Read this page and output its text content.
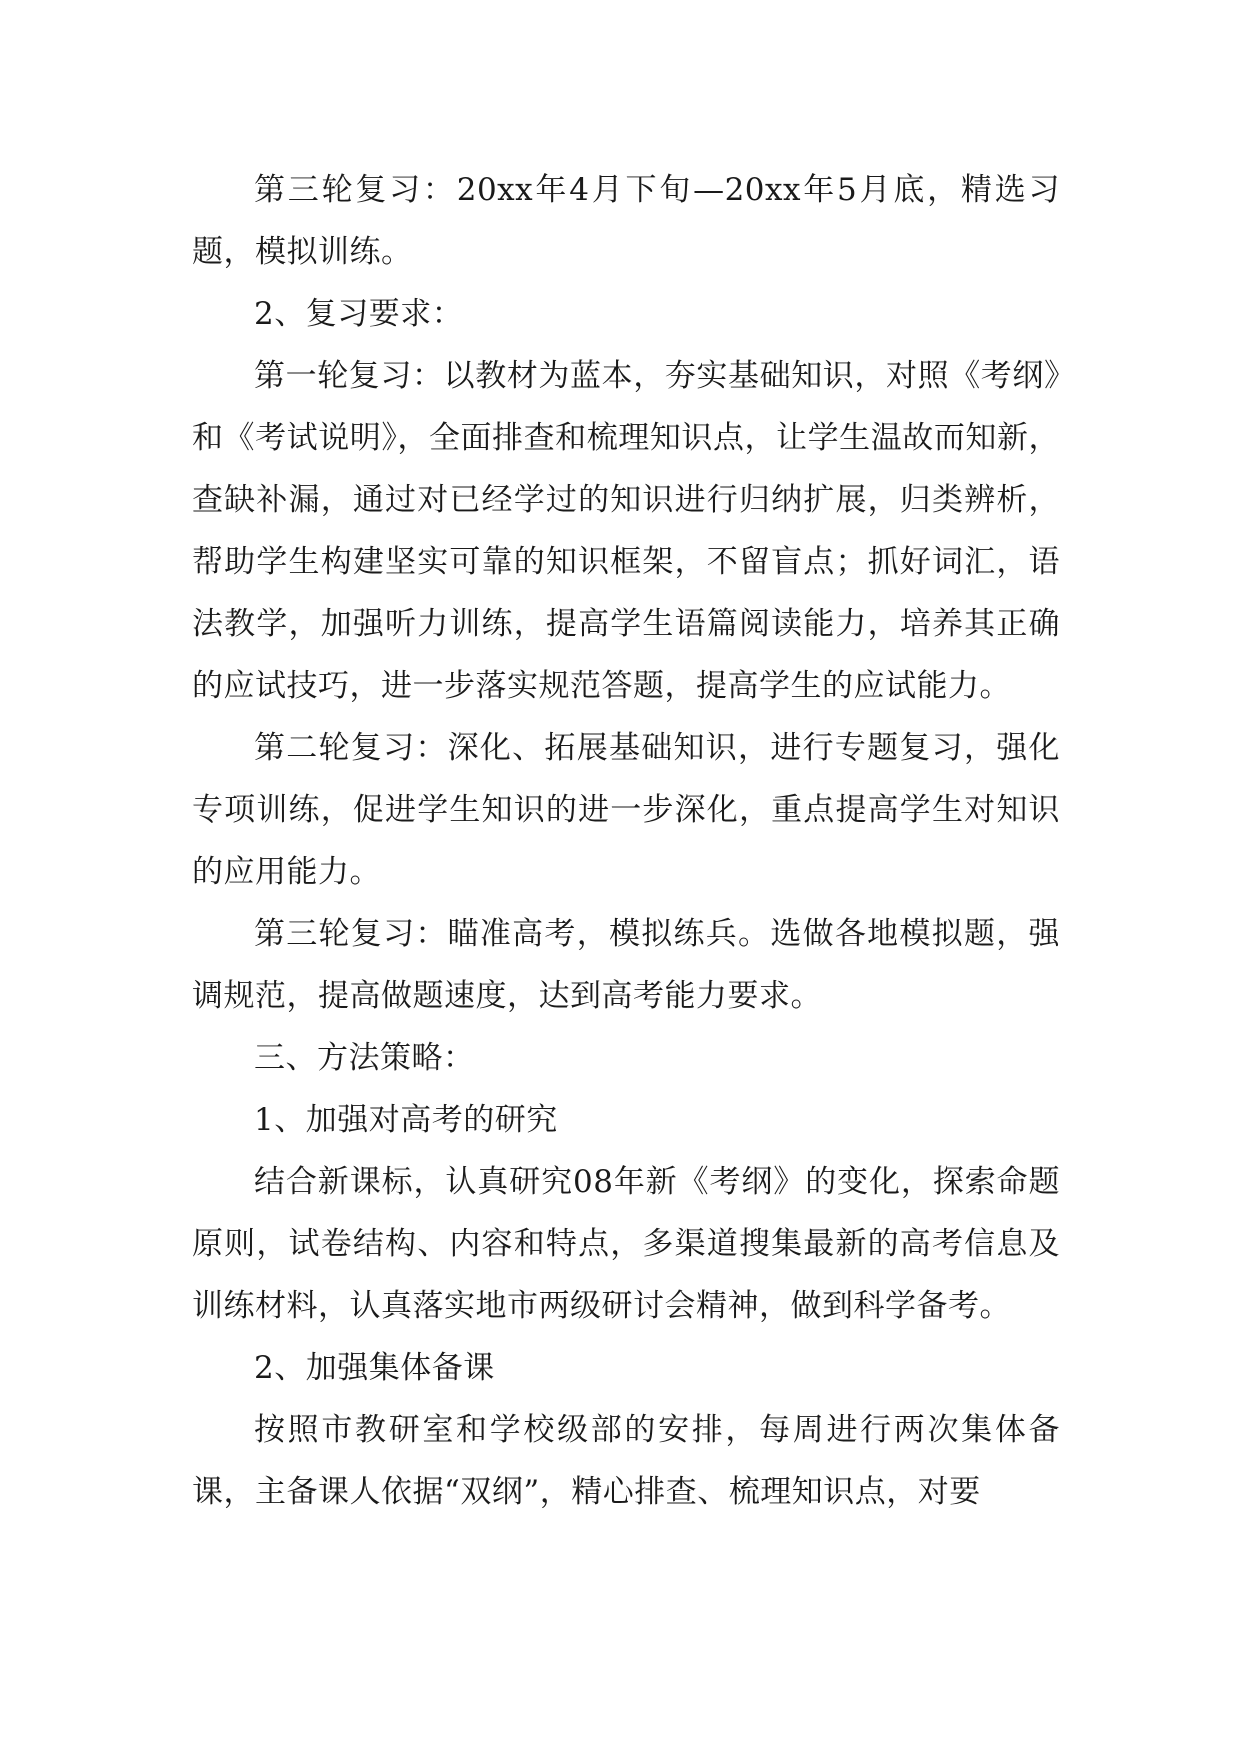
第三轮复习：20xx年4月下旬—20xx年5月底，精选习题，模拟训练。

2、复习要求：

第一轮复习：以教材为蓝本，夯实基础知识，对照《考纲》和《考试说明》，全面排查和梳理知识点，让学生温故而知新，查缺补漏，通过对已经学过的知识进行归纳扩展，归类辨析，帮助学生构建坚实可靠的知识框架，不留盲点；抓好词汇，语法教学，加强听力训练，提高学生语篇阅读能力，培养其正确的应试技巧，进一步落实规范答题，提高学生的应试能力。

第二轮复习：深化、拓展基础知识，进行专题复习，强化专项训练，促进学生知识的进一步深化，重点提高学生对知识的应用能力。

第三轮复习：瞄准高考，模拟练兵。选做各地模拟题，强调规范，提高做题速度，达到高考能力要求。

三、方法策略：

1、加强对高考的研究

结合新课标，认真研究08年新《考纲》的变化，探索命题原则，试卷结构、内容和特点，多渠道搜集最新的高考信息及训练材料，认真落实地市两级研讨会精神，做到科学备考。

2、加强集体备课

按照市教研室和学校级部的安排，每周进行两次集体备课，主备课人依据“双纲”，精心排查、梳理知识点，对要
